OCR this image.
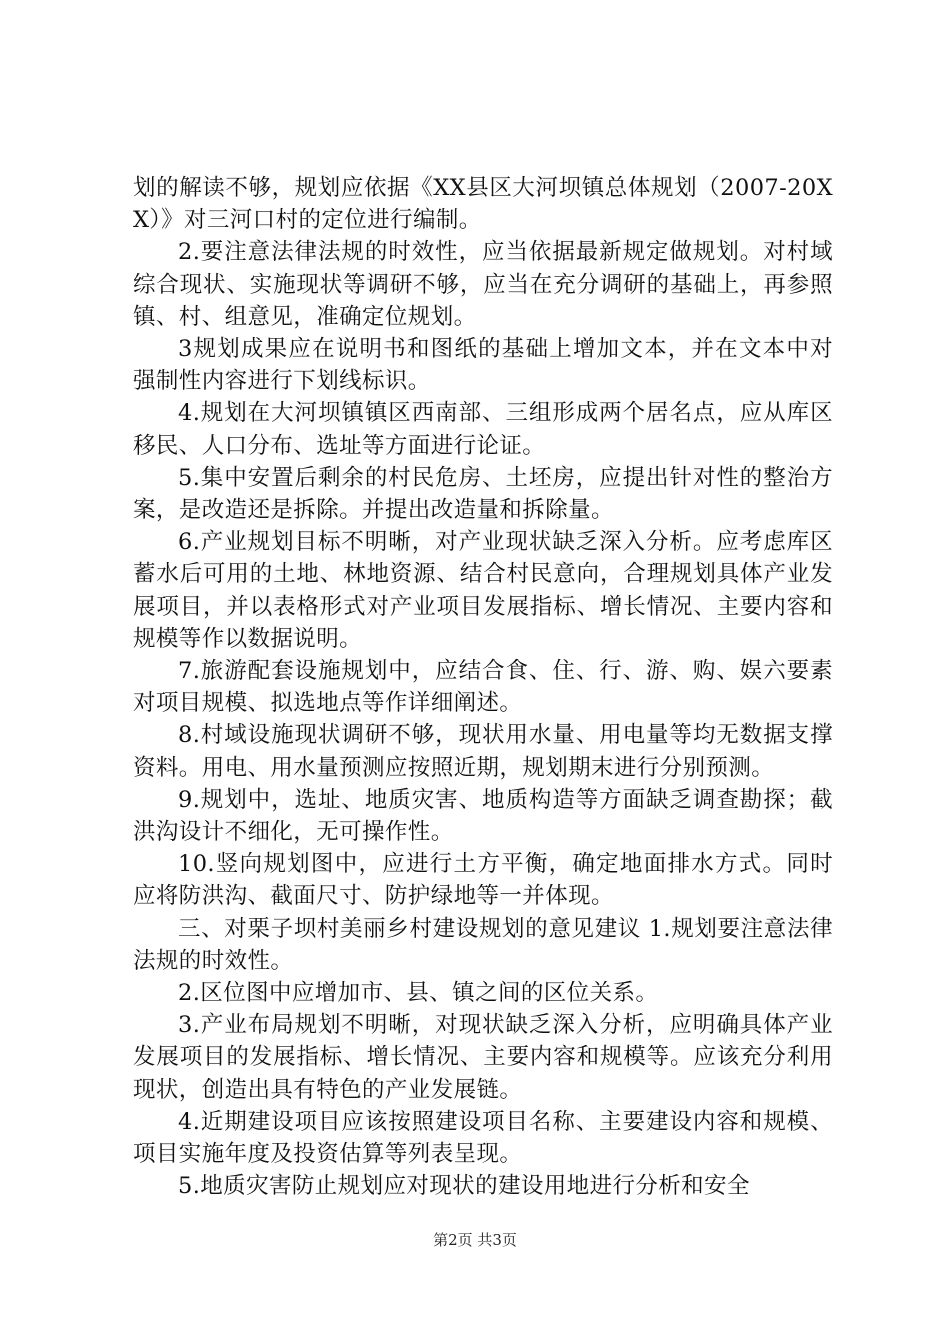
划的解读不够，规划应依据《XX县区大河坝镇总体规划（2007-20XX）》对三河口村的定位进行编制。

2.要注意法律法规的时效性，应当依据最新规定做规划。对村域综合现状、实施现状等调研不够，应当在充分调研的基础上，再参照镇、村、组意见，准确定位规划。

3规划成果应在说明书和图纸的基础上增加文本，并在文本中对强制性内容进行下划线标识。

4.规划在大河坝镇镇区西南部、三组形成两个居名点，应从库区移民、人口分布、选址等方面进行论证。

5.集中安置后剩余的村民危房、土坯房，应提出针对性的整治方案，是改造还是拆除。并提出改造量和拆除量。

6.产业规划目标不明晰，对产业现状缺乏深入分析。应考虑库区蓄水后可用的土地、林地资源、结合村民意向，合理规划具体产业发展项目，并以表格形式对产业项目发展指标、增长情况、主要内容和规模等作以数据说明。

7.旅游配套设施规划中，应结合食、住、行、游、购、娱六要素对项目规模、拟选地点等作详细阐述。

8.村域设施现状调研不够，现状用水量、用电量等均无数据支撑资料。用电、用水量预测应按照近期，规划期末进行分别预测。

9.规划中，选址、地质灾害、地质构造等方面缺乏调查勘探；截洪沟设计不细化，无可操作性。

10.竖向规划图中，应进行土方平衡，确定地面排水方式。同时应将防洪沟、截面尺寸、防护绿地等一并体现。

三、对栗子坝村美丽乡村建设规划的意见建议 1.规划要注意法律法规的时效性。

2.区位图中应增加市、县、镇之间的区位关系。

3.产业布局规划不明晰，对现状缺乏深入分析，应明确具体产业发展项目的发展指标、增长情况、主要内容和规模等。应该充分利用现状，创造出具有特色的产业发展链。

4.近期建设项目应该按照建设项目名称、主要建设内容和规模、项目实施年度及投资估算等列表呈现。

5.地质灾害防止规划应对现状的建设用地进行分析和安全

第2页 共3页
